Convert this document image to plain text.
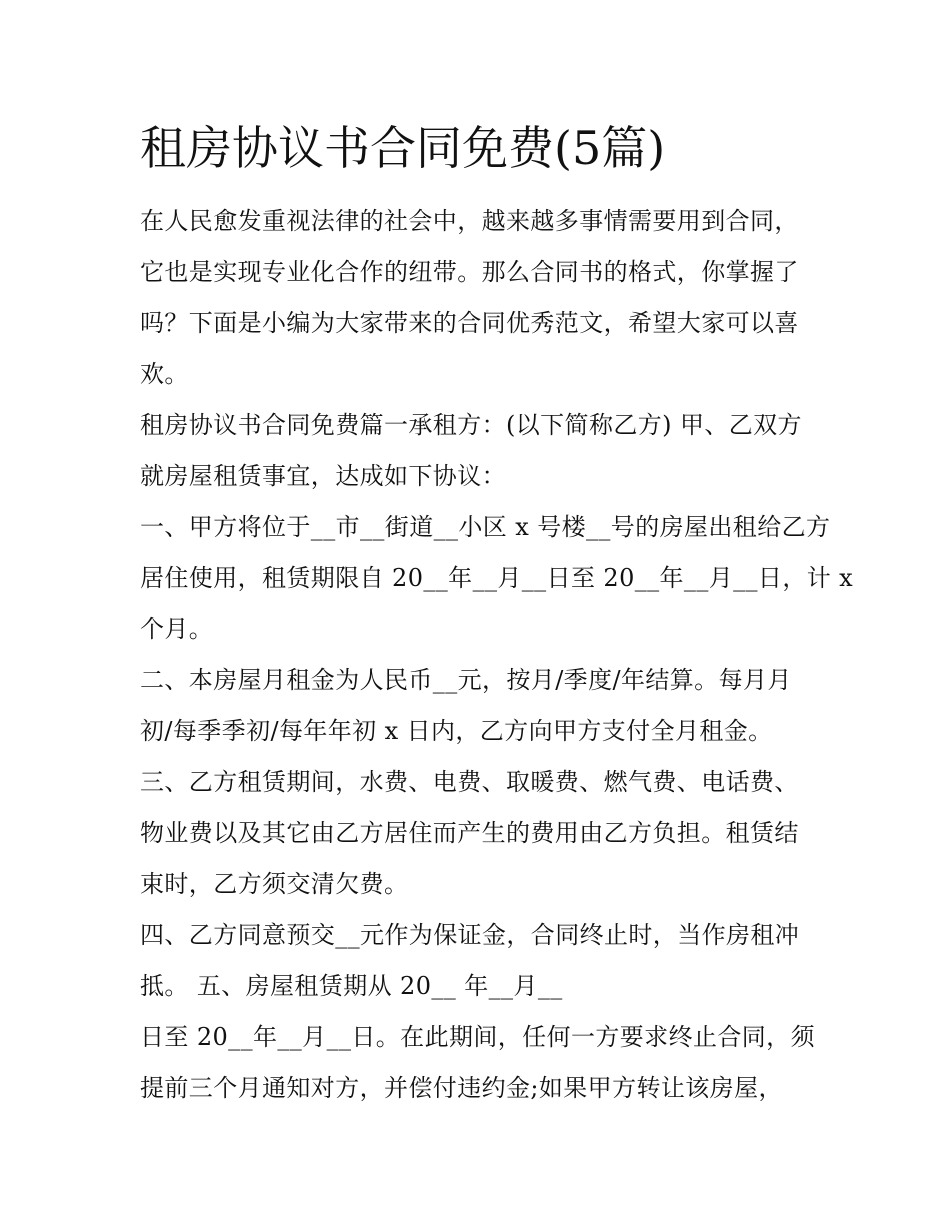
租房协议书合同免费(5篇)
在人民愈发重视法律的社会中，越来越多事情需要用到合同，
它也是实现专业化合作的纽带。那么合同书的格式，你掌握了
吗？下面是小编为大家带来的合同优秀范文，希望大家可以喜
欢。
租房协议书合同免费篇一承租方：(以下简称乙方) 甲、乙双方
就房屋租赁事宜，达成如下协议：
一、甲方将位于__市__街道__小区 x 号楼__号的房屋出租给乙方
居住使用，租赁期限自 20__年__月__日至 20__年__月__日，计 x
个月。
二、本房屋月租金为人民币__元，按月/季度/年结算。每月月
初/每季季初/每年年初 x 日内，乙方向甲方支付全月租金。
三、乙方租赁期间，水费、电费、取暖费、燃气费、电话费、
物业费以及其它由乙方居住而产生的费用由乙方负担。租赁结
束时，乙方须交清欠费。
四、乙方同意预交__元作为保证金，合同终止时，当作房租冲
抵。 五、房屋租赁期从 20__ 年__月__
日至 20__年__月__日。在此期间，任何一方要求终止合同，须
提前三个月通知对方，并偿付违约金;如果甲方转让该房屋，
